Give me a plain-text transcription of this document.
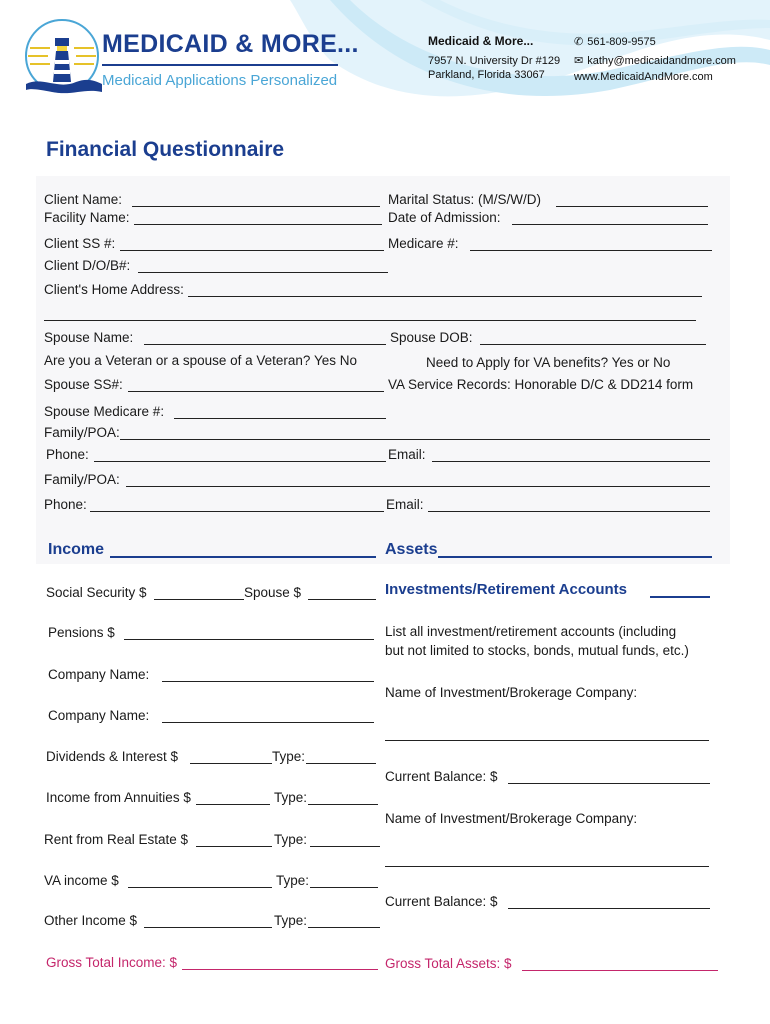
MEDICAID & MORE...
Medicaid Applications Personalized
Medicaid & More...
7957 N. University Dr #129
Parkland, Florida 33067
✆ 561-809-9575
✉ kathy@medicaidandmore.com
www.MedicaidAndMore.com
Financial Questionnaire
Client Name:	Marital Status: (M/S/W/D)
Facility Name:	Date of Admission:
Client SS #:	Medicare #:
Client D/O/B#:
Client's Home Address:
Spouse Name:	Spouse DOB:
Are you a Veteran or a spouse of a Veteran? Yes No	Need to Apply for VA benefits? Yes or No
Spouse SS#:	VA Service Records: Honorable D/C & DD214 form
Spouse Medicare #:
Family/POA:
Phone:	Email:
Family/POA:
Phone:	Email:
Income
Social Security $	Spouse $
Pensions $
Company Name:
Company Name:
Dividends & Interest $	Type:
Income from Annuities $	Type:
Rent from Real Estate $	Type:
VA income $	Type:
Other Income $	Type:
Gross Total Income: $
Assets
Investments/Retirement Accounts
List all investment/retirement accounts (including
but not limited to stocks, bonds, mutual funds, etc.)
Name of Investment/Brokerage Company:
Current Balance: $
Name of Investment/Brokerage Company:
Current Balance: $
Gross Total Assets: $
